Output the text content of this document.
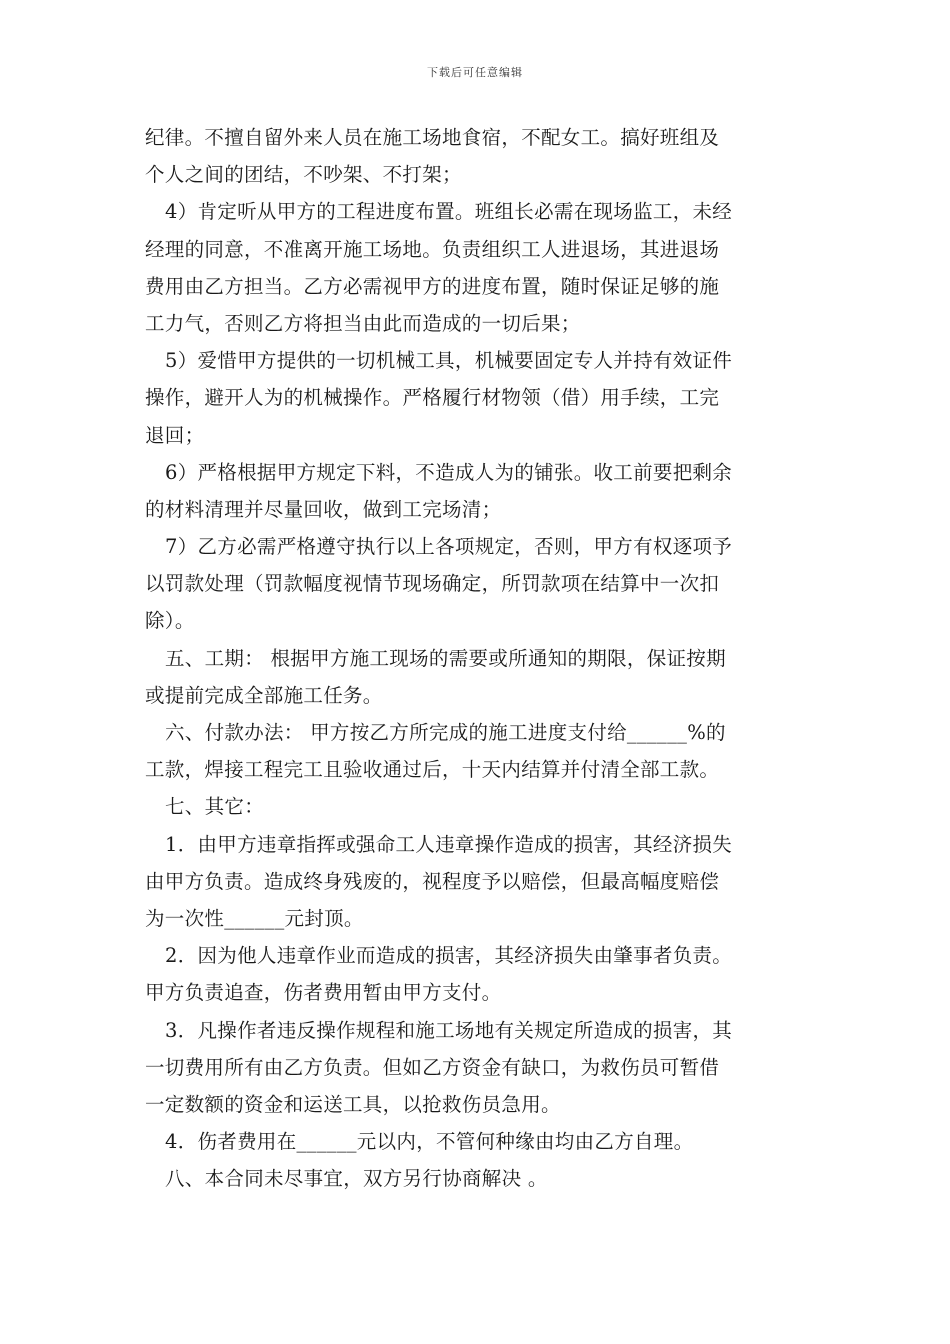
下载后可任意编辑
纪律。不擅自留外来人员在施工场地食宿，不配女工。搞好班组及
个人之间的团结，不吵架、不打架；
4）肯定听从甲方的工程进度布置。班组长必需在现场监工，未经
经理的同意，不准离开施工场地。负责组织工人进退场，其进退场
费用由乙方担当。乙方必需视甲方的进度布置，随时保证足够的施
工力气，否则乙方将担当由此而造成的一切后果；
5）爱惜甲方提供的一切机械工具，机械要固定专人并持有效证件
操作，避开人为的机械操作。严格履行材物领（借）用手续，工完
退回；
6）严格根据甲方规定下料，不造成人为的铺张。收工前要把剩余
的材料清理并尽量回收，做到工完场清；
7）乙方必需严格遵守执行以上各项规定，否则，甲方有权逐项予
以罚款处理（罚款幅度视情节现场确定，所罚款项在结算中一次扣
除）。
五、工期： 根据甲方施工现场的需要或所通知的期限，保证按期
或提前完成全部施工任务。
六、付款办法： 甲方按乙方所完成的施工进度支付给______%的
工款，焊接工程完工且验收通过后，十天内结算并付清全部工款。
七、其它：
1．由甲方违章指挥或强命工人违章操作造成的损害，其经济损失
由甲方负责。造成终身残废的，视程度予以赔偿，但最高幅度赔偿
为一次性______元封顶。
2．因为他人违章作业而造成的损害，其经济损失由肇事者负责。
甲方负责追查，伤者费用暂由甲方支付。
3．凡操作者违反操作规程和施工场地有关规定所造成的损害，其
一切费用所有由乙方负责。但如乙方资金有缺口，为救伤员可暂借
一定数额的资金和运送工具，以抢救伤员急用。
4．伤者费用在______元以内，不管何种缘由均由乙方自理。
八、本合同未尽事宜，双方另行协商解决 。
